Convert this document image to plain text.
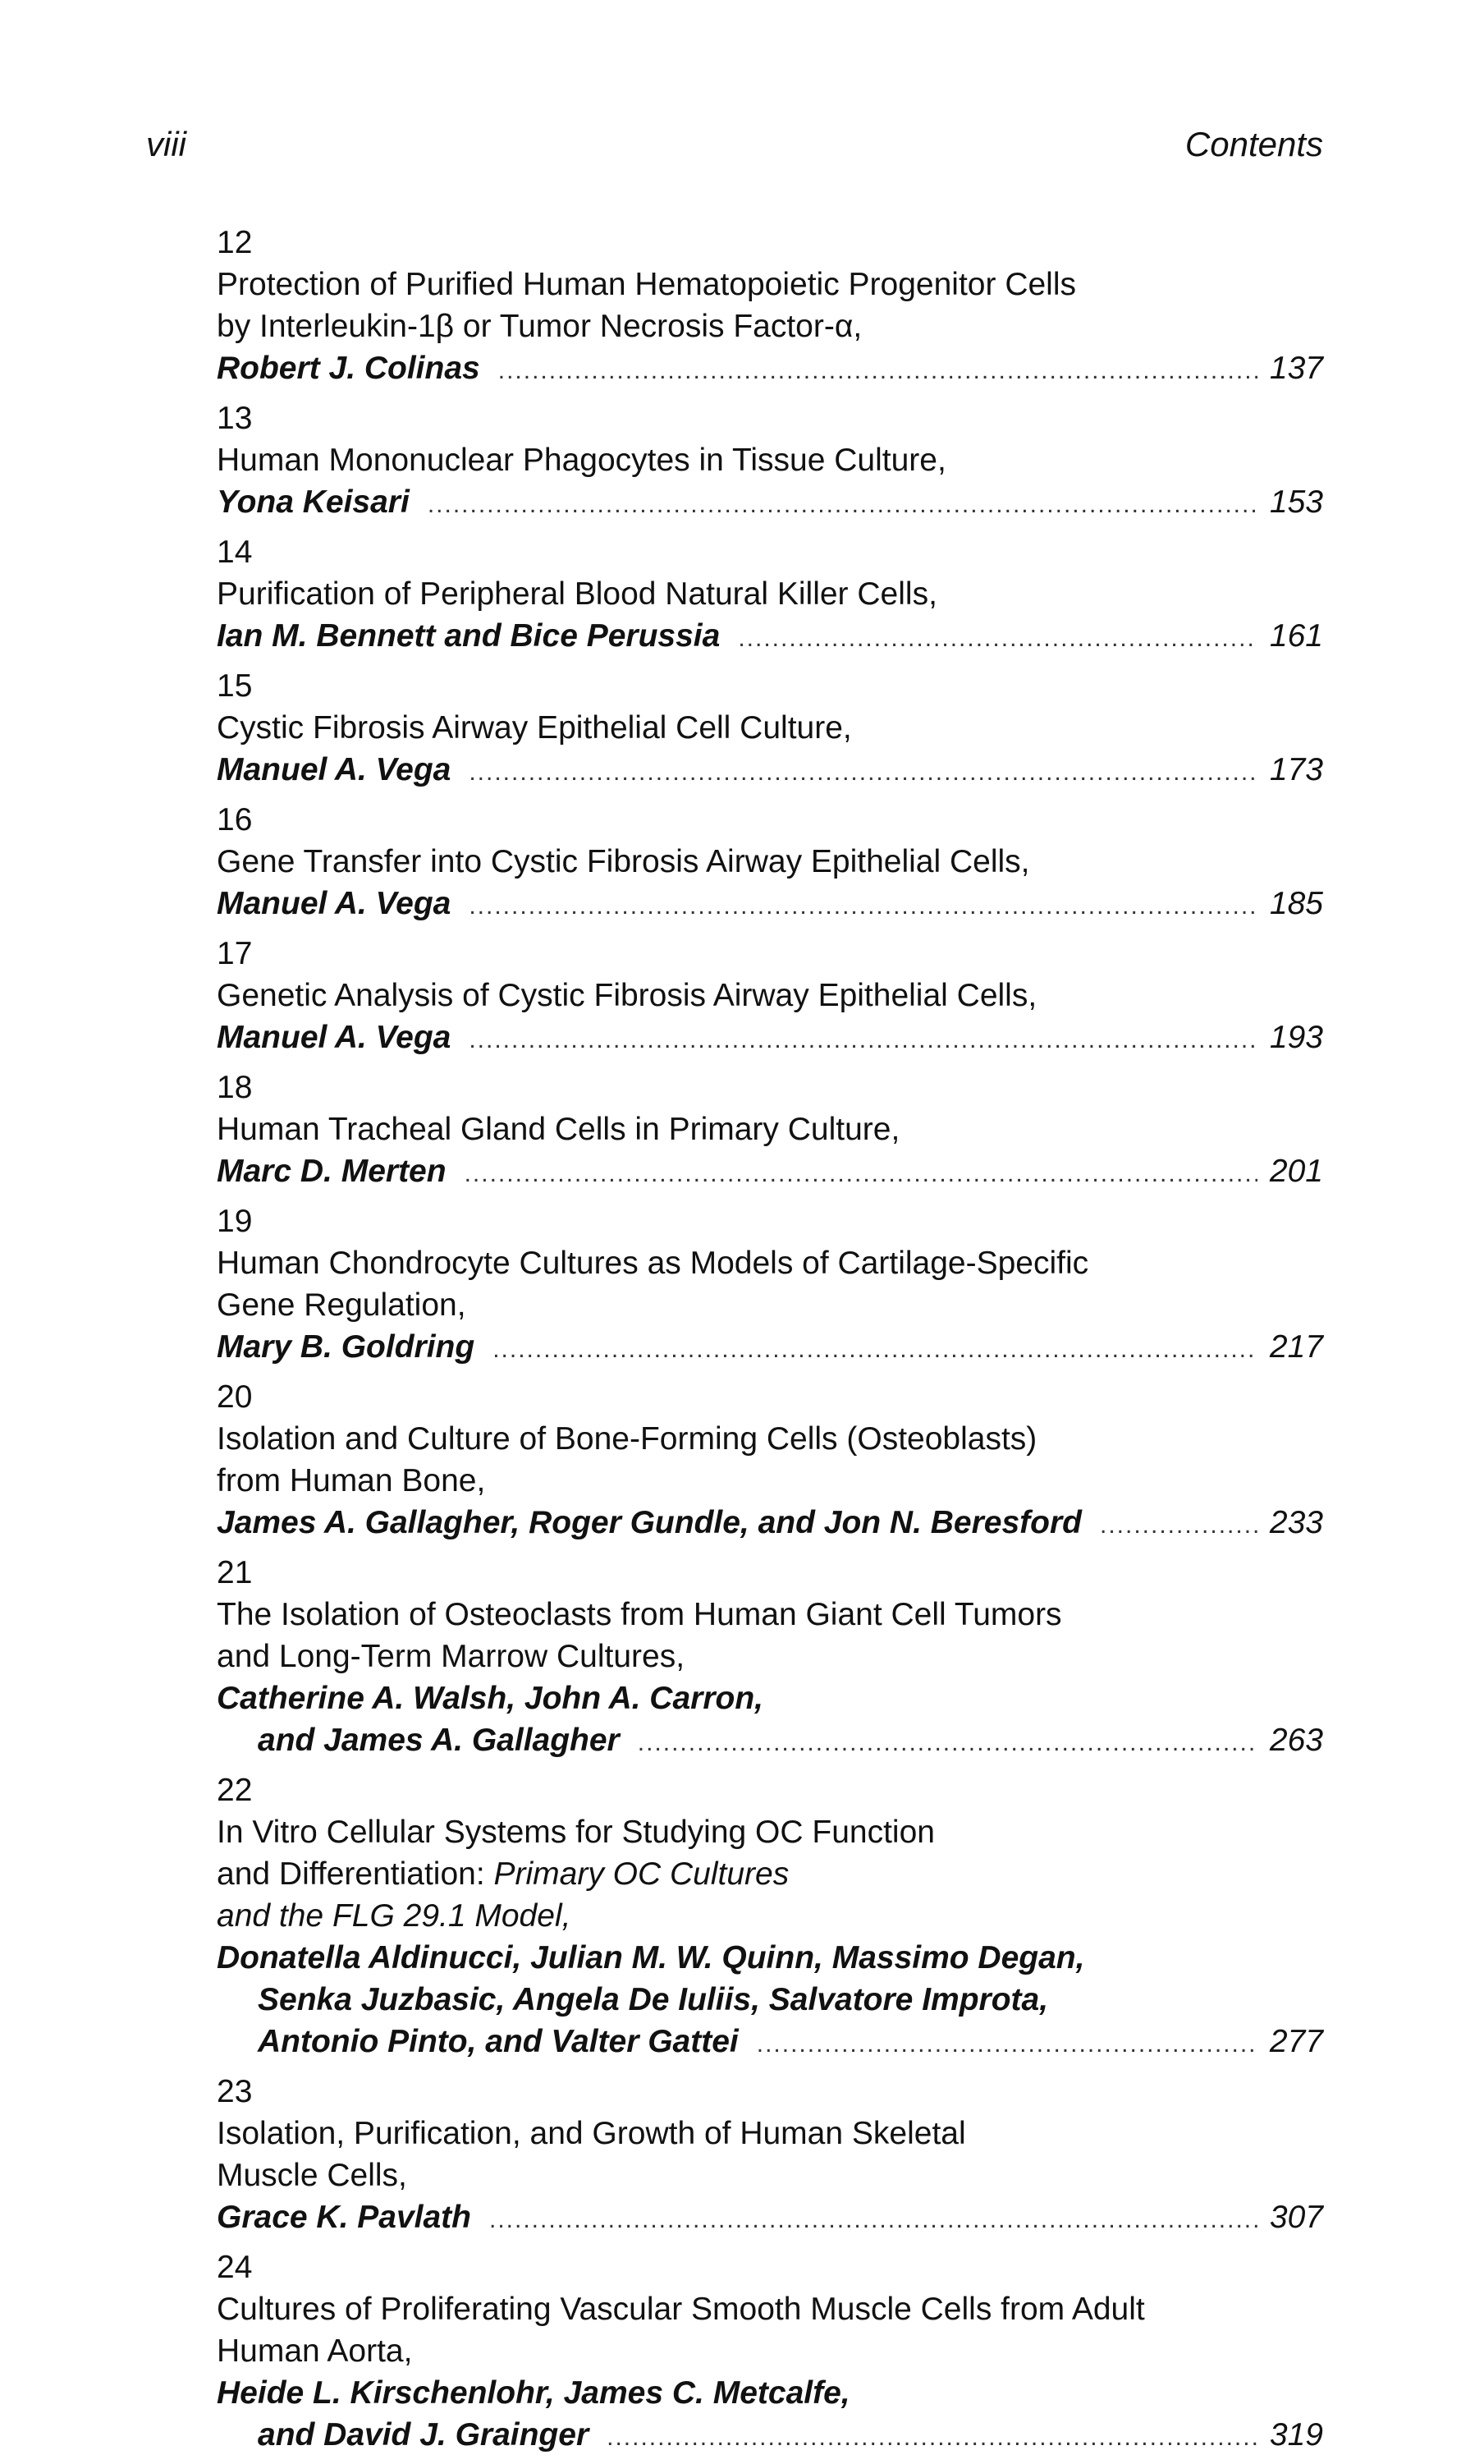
viii	Contents
12
Protection of Purified Human Hematopoietic Progenitor Cells
by Interleukin-1β or Tumor Necrosis Factor-α,
Robert J. Colinas .....	137
13
Human Mononuclear Phagocytes in Tissue Culture,
Yona Keisari .....	153
14
Purification of Peripheral Blood Natural Killer Cells,
Ian M. Bennett and Bice Perussia .....	161
15
Cystic Fibrosis Airway Epithelial Cell Culture,
Manuel A. Vega .....	173
16
Gene Transfer into Cystic Fibrosis Airway Epithelial Cells,
Manuel A. Vega .....	185
17
Genetic Analysis of Cystic Fibrosis Airway Epithelial Cells,
Manuel A. Vega .....	193
18
Human Tracheal Gland Cells in Primary Culture,
Marc D. Merten .....	201
19
Human Chondrocyte Cultures as Models of Cartilage-Specific
Gene Regulation,
Mary B. Goldring .....	217
20
Isolation and Culture of Bone-Forming Cells (Osteoblasts)
from Human Bone,
James A. Gallagher, Roger Gundle, and Jon N. Beresford .....	233
21
The Isolation of Osteoclasts from Human Giant Cell Tumors
and Long-Term Marrow Cultures,
Catherine A. Walsh, John A. Carron,
and James A. Gallagher .....	263
22
In Vitro Cellular Systems for Studying OC Function
and Differentiation: Primary OC Cultures
and the FLG 29.1 Model,
Donatella Aldinucci, Julian M. W. Quinn, Massimo Degan,
Senka Juzbasic, Angela De Iuliis, Salvatore Improta,
Antonio Pinto, and Valter Gattei .....	277
23
Isolation, Purification, and Growth of Human Skeletal
Muscle Cells,
Grace K. Pavlath .....	307
24
Cultures of Proliferating Vascular Smooth Muscle Cells from Adult
Human Aorta,
Heide L. Kirschenlohr, James C. Metcalfe,
and David J. Grainger .....	319
